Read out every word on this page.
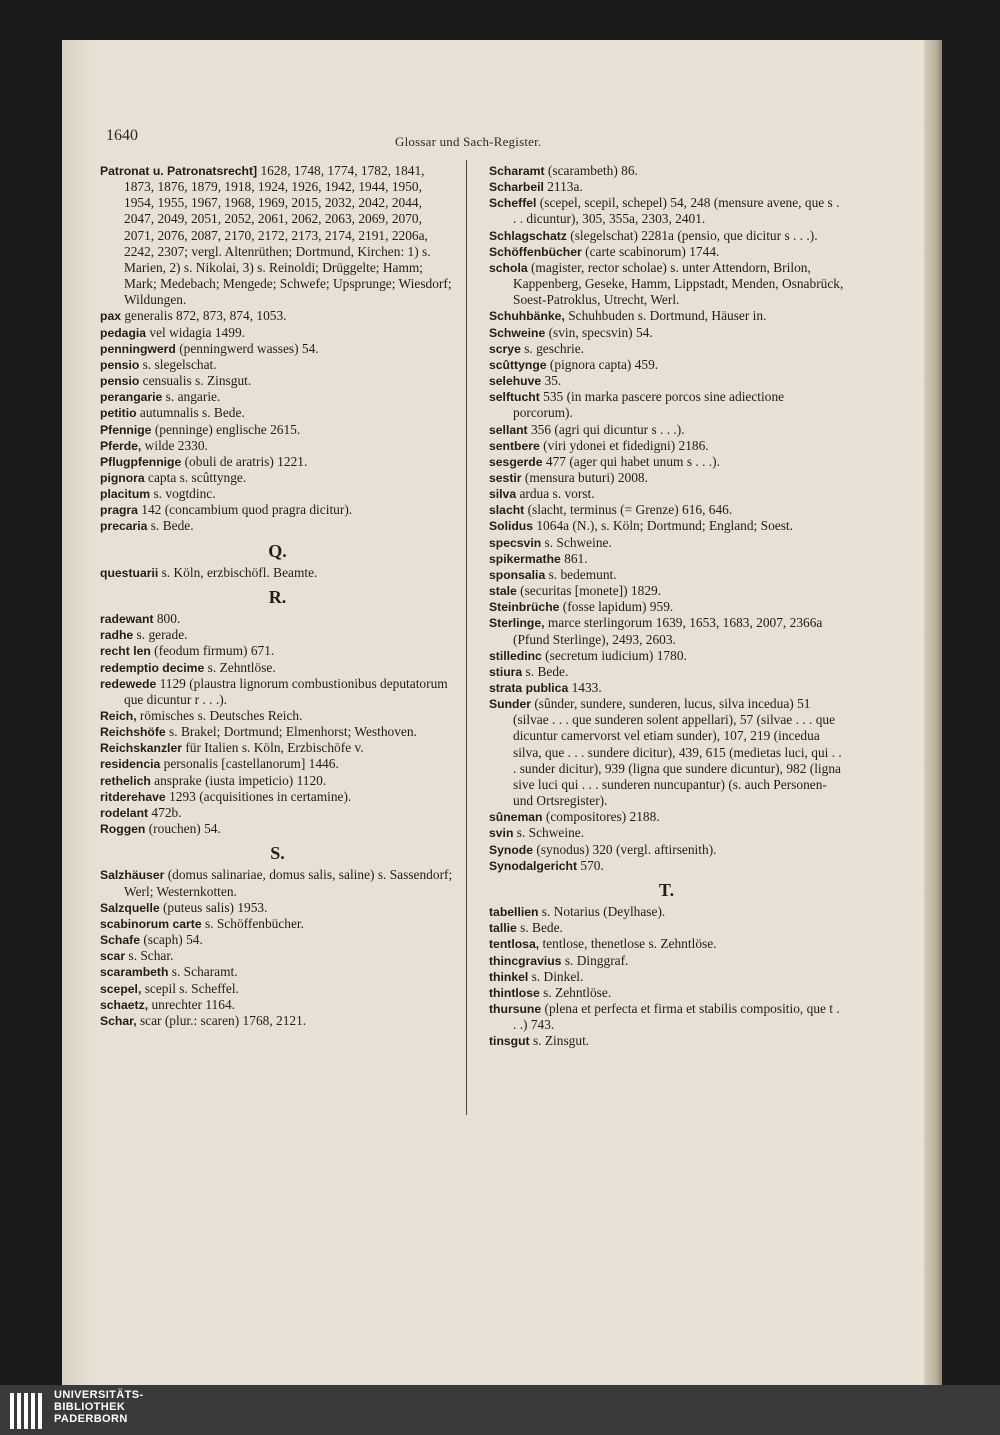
1640	Glossar und Sach-Register.

Patronat u. Patronatsrecht] 1628, 1748, 1774, 1782, 1841, 1873, 1876, 1879, 1918, 1924, 1926, 1942, 1944, 1950, 1954, 1955, 1967, 1968, 1969, 2015, 2032, 2042, 2044, 2047, 2049, 2051, 2052, 2061, 2062, 2063, 2069, 2070, 2071, 2076, 2087, 2170, 2172, 2173, 2174, 2191, 2206a, 2242, 2307; vergl. Altenrüthen; Dortmund, Kirchen: 1) s. Marien, 2) s. Nikolai, 3) s. Reinoldi; Drüggelte; Hamm; Mark; Medebach; Mengede; Schwefe; Upsprunge; Wiesdorf; Wildungen.

pax generalis 872, 873, 874, 1053.

pedagia vel widagia 1499.

penningwerd (penningwerd wasses) 54.

pensio s. slegelschat.

pensio censualis s. Zinsgut.

perangarie s. angarie.

petitio autumnalis s. Bede.

Pfennige (penninge) englische 2615.

Pferde, wilde 2330.

Pflugpfennige (obuli de aratris) 1221.

pignora capta s. scûttynge.

placitum s. vogtdinc.

pragra 142 (concambium quod pragra dicitur).

precaria s. Bede.

Q.

questuarii s. Köln, erzbischöfl. Beamte.

R.

radewant 800.

radhe s. gerade.

recht len (feodum firmum) 671.

redemptio decime s. Zehntlöse.

redewede 1129 (plaustra lignorum combustionibus deputatorum que dicuntur r . . .).

Reich, römisches s. Deutsches Reich.

Reichshöfe s. Brakel; Dortmund; Elmenhorst; Westhoven.

Reichskanzler für Italien s. Köln, Erzbischöfe v.

residencia personalis [castellanorum] 1446.

rethelich ansprake (iusta impeticio) 1120.

ritderehave 1293 (acquisitiones in certamine).

rodelant 472b.

Roggen (rouchen) 54.

S.

Salzhäuser (domus salinariae, domus salis, saline) s. Sassendorf; Werl; Westernkotten.

Salzquelle (puteus salis) 1953.

scabinorum carte s. Schöffenbücher.

Schafe (scaph) 54.

scar s. Schar.

scarambeth s. Scharamt.

scepel, scepil s. Scheffel.

schaetz, unrechter 1164.

Schar, scar (plur.: scaren) 1768, 2121.

Scharamt (scarambeth) 86.

Scharbeil 2113a.

Scheffel (scepel, scepil, schepel) 54, 248 (mensure avene, que s . . . dicuntur), 305, 355a, 2303, 2401.

Schlagschatz (slegelschat) 2281a (pensio, que dicitur s . . .).

Schöffenbücher (carte scabinorum) 1744.

schola (magister, rector scholae) s. unter Attendorn, Brilon, Kappenberg, Geseke, Hamm, Lippstadt, Menden, Osnabrück, Soest-Patroklus, Utrecht, Werl.

Schuhbänke, Schuhbuden s. Dortmund, Häuser in.

Schweine (svin, specsvin) 54.

scrye s. geschrie.

scûttynge (pignora capta) 459.

selehuve 35.

selftucht 535 (in marka pascere porcos sine adiectione porcorum).

sellant 356 (agri qui dicuntur s . . .).

sentbere (viri ydonei et fidedigni) 2186.

sesgerde 477 (ager qui habet unum s . . .).

sestir (mensura buturi) 2008.

silva ardua s. vorst.

slacht (slacht, terminus (= Grenze) 616, 646.

Solidus 1064a (N.), s. Köln; Dortmund; England; Soest.

specsvin s. Schweine.

spikermathe 861.

sponsalia s. bedemunt.

stale (securitas [monete]) 1829.

Steinbrüche (fosse lapidum) 959.

Sterlinge, marce sterlingorum 1639, 1653, 1683, 2007, 2366a (Pfund Sterlinge), 2493, 2603.

stilledinc (secretum iudicium) 1780.

stiura s. Bede.

strata publica 1433.

Sunder (sûnder, sundere, sunderen, lucus, silva incedua) 51 (silvae . . . que sunderen solent appellari), 57 (silvae . . . que dicuntur camervorst vel etiam sunder), 107, 219 (incedua silva, que . . . sundere dicitur), 439, 615 (medietas luci, qui . . . sunder dicitur), 939 (ligna que sundere dicuntur), 982 (ligna sive luci qui . . . sunderen nuncupantur) (s. auch Personen- und Ortsregister).

sûneman (compositores) 2188.

svin s. Schweine.

Synode (synodus) 320 (vergl. aftirsenith).

Synodalgericht 570.

T.

tabellien s. Notarius (Deylhase).

tallie s. Bede.

tentlosa, tentlose, thenetlose s. Zehntlöse.

thincgravius s. Dinggraf.

thinkel s. Dinkel.

thintlose s. Zehntlöse.

thursune (plena et perfecta et firma et stabilis compositio, que t . . .) 743.

tinsgut s. Zinsgut.

UNIVERSITÄTS-
BIBLIOTHEK
PADERBORN
